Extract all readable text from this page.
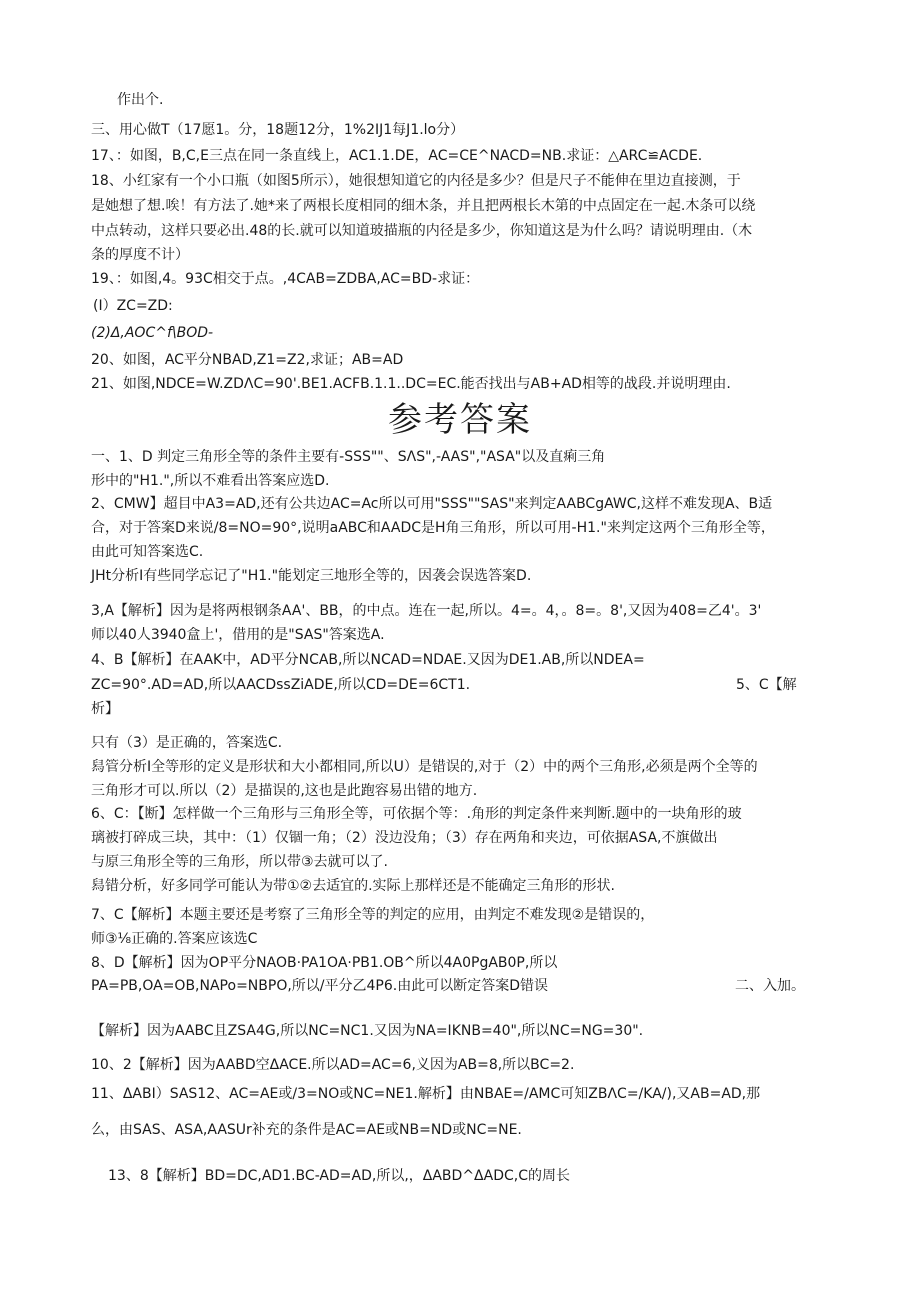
作出个.
三、用心做T（17愿1。分，18题12分，1%2IJ1每J1.lo分）
17、：如图，B,C,E三点在同一条直线上，AC1.1.DE，AC=CE^NACD=NB.求证：△ARC≌ACDE.
18、小红家有一个小口瓶（如图5所示），她很想知道它的内径是多少？但是尺子不能伸在里边直接测，于
是她想了想.唉！有方法了.她*来了两根长度相同的细木条，并且把两根长木第的中点固定在一起.木条可以绕
中点转动，这样只要必出.48的长.就可以知道玻描瓶的内径是多少，你知道这是为什么吗？请说明理由.（木
条的厚度不计）
19、：如图,4。93C相交于点。,4CAB=ZDBA,AC=BD-求证：
(I）ZC=ZD:
(2)Δ,AOC^f\BOD-
20、如图，AC平分NBAD,Z1=Z2,求证；AB=AD
21、如图,NDCE=W.ZDΛC=90'.BE1.ACFB.1.1..DC=EC.能否找出与AB+AD相等的战段.并说明理由.
参考答案
一、1、D 判定三角形全等的条件主要有-SSS""、SΛS",-AAS","ASA"以及直痢三角
形中的"H1.",所以不难看出答案应选D.
2、CMW】超目中A3=AD,还有公共边AC=Ac所以可用"SSS""SAS"来判定AABCgAWC,这样不难发现A、B适
合，对于答案D来说/8=NO=90°,说明aABC和AADC是H角三角形，所以可用-H1."来判定这两个三角形全等，
由此可知答案选C.
JHt分析I有些同学忘记了"H1."能划定三地形全等的，因袭会误选答案D.
3,A【解析】因为是将两根钢条AA'、BB，的中点。连在一起,所以。4=。4，。8=。8',又因为408=乙4'。3'
师以40人3940盒上'，借用的是"SAS"答案选A.
4、B【解析】在AAK中，AD平分NCAB,所以NCAD=NDAE.又因为DE1.AB,所以NDEA=
ZC=90°.AD=AD,所以AACDssZiADE,所以CD=DE=6CT1.	5、C【解
析】
只有（3）是正确的，答案选C.
舄管分析I全等形的定义是形状和大小都相同,所以U）是错误的,对于（2）中的两个三角形,必须是两个全等的
三角形才可以.所以（2）是描误的,这也是此跑容易出错的地方.
6、C：【断】怎样做一个三角形与三角形全等，可依据个等：.角形的判定条件来判断.题中的一块角形的玻
璃被打碎成三块，其中：（1）仅锢一角；（2）没边没角；（3）存在两角和夹边，可依据ASA,不旗做出
与原三角形全等的三角形，所以带③去就可以了.
舄错分析，好多同学可能认为带①②去适宜的.实际上那样还是不能确定三角形的形状.
7、C【解析】本题主要还是考察了三角形全等的判定的应用，由判定不难发现②是错误的，
师③⅛正确的.答案应该选C
8、D【解析】因为OP平分NAOB·PA1OA·PB1.OB^所以4A0PgAB0P,所以
PA=PB,OA=OB,NAPo=NBPO,所以/平分乙4P6.由此可以断定答案D错误	二、入加。
【解析】因为AABC且ZSA4G,所以NC=NC1.又因为NA=IKNB=40",所以NC=NG=30".
10、2【解析】因为AABD空ΔACE.所以AD=AC=6,义因为AB=8,所以BC=2.
11、ΔABI）SAS12、AC=AE或/3=NO或NC=NE1.解析】由NBAE=/AMC可知ZBΛC=/KA/),又AB=AD,那
么，由SAS、ASA,AASUr补充的条件是AC=AE或NB=ND或NC=NE.
13、8【解析】BD=DC,AD1.BC-AD=AD,所以,，ΔABD^ΔADC,C的周长
